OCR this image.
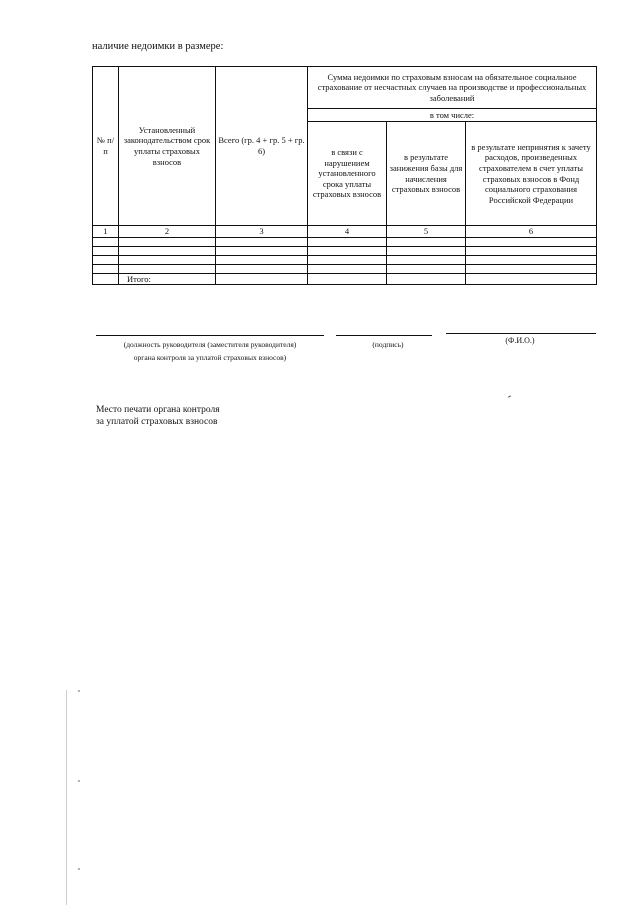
наличие недоимки в размере:
№ п/п	Установленный законодательством срок уплаты страховых взносов	Всего (гр. 4 + гр. 5 + гр. 6)	Сумма недоимки по страховым взносам на обязательное социальное страхование от несчастных случаев на производстве и профессиональных заболеваний		
			в том числе:		
			в связи с нарушением установленного срока уплаты страховых взносов	в результате занижения базы для начисления страховых взносов	в результате непринятия к зачету расходов, произведенных страхователем в счет уплаты страховых взносов в Фонд социального страхования Российской Федерации
1	2	3	4	5	6

	Итого:				
(должность руководителя (заместителя руководителя)
органа контроля за уплатой страховых взносов)
(подпись)	(Ф.И.О.)
Место печати органа контроля
за уплатой страховых взносов
